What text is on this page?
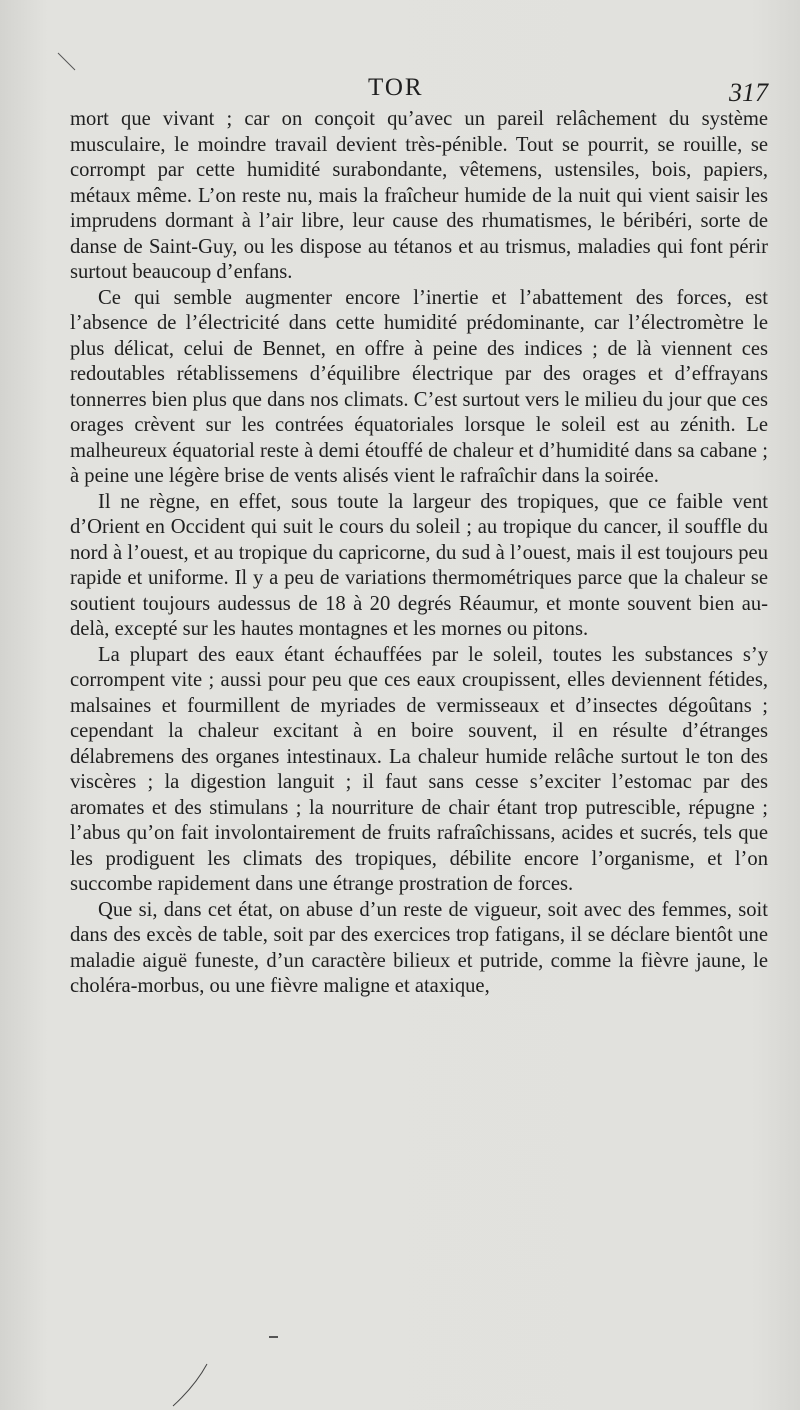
TOR	317

mort que vivant ; car on conçoit qu’avec un pareil relâchement du système musculaire, le moindre travail devient très-pénible. Tout se pourrit, se rouille, se corrompt par cette humidité surabondante, vêtemens, ustensiles, bois, papiers, métaux même. L’on reste nu, mais la fraîcheur humide de la nuit qui vient saisir les imprudens dormant à l’air libre, leur cause des rhumatismes, le béribéri, sorte de danse de Saint-Guy, ou les dispose au tétanos et au trismus, maladies qui font périr surtout beaucoup d’enfans.

Ce qui semble augmenter encore l’inertie et l’abattement des forces, est l’absence de l’électricité dans cette humidité prédominante, car l’électromètre le plus délicat, celui de Bennet, en offre à peine des indices ; de là viennent ces redoutables rétablissemens d’équilibre électrique par des orages et d’effrayans tonnerres bien plus que dans nos climats. C’est surtout vers le milieu du jour que ces orages crèvent sur les contrées équatoriales lorsque le soleil est au zénith. Le malheureux équatorial reste à demi étouffé de chaleur et d’humidité dans sa cabane ; à peine une légère brise de vents alisés vient le rafraîchir dans la soirée.

Il ne règne, en effet, sous toute la largeur des tropiques, que ce faible vent d’Orient en Occident qui suit le cours du soleil ; au tropique du cancer, il souffle du nord à l’ouest, et au tropique du capricorne, du sud à l’ouest, mais il est toujours peu rapide et uniforme. Il y a peu de variations thermométriques parce que la chaleur se soutient toujours audessus de 18 à 20 degrés Réaumur, et monte souvent bien au-delà, excepté sur les hautes montagnes et les mornes ou pitons.

La plupart des eaux étant échauffées par le soleil, toutes les substances s’y corrompent vite ; aussi pour peu que ces eaux croupissent, elles deviennent fétides, malsaines et fourmillent de myriades de vermisseaux et d’insectes dégoûtans ; cependant la chaleur excitant à en boire souvent, il en résulte d’étranges délabremens des organes intestinaux. La chaleur humide relâche surtout le ton des viscères ; la digestion languit ; il faut sans cesse s’exciter l’estomac par des aromates et des stimulans ; la nourriture de chair étant trop putrescible, répugne ; l’abus qu’on fait involontairement de fruits rafraîchissans, acides et sucrés, tels que les prodiguent les climats des tropiques, débilite encore l’organisme, et l’on succombe rapidement dans une étrange prostration de forces.

Que si, dans cet état, on abuse d’un reste de vigueur, soit avec des femmes, soit dans des excès de table, soit par des exercices trop fatigans, il se déclare bientôt une maladie aiguë funeste, d’un caractère bilieux et putride, comme la fièvre jaune, le choléra-morbus, ou une fièvre maligne et ataxique,
